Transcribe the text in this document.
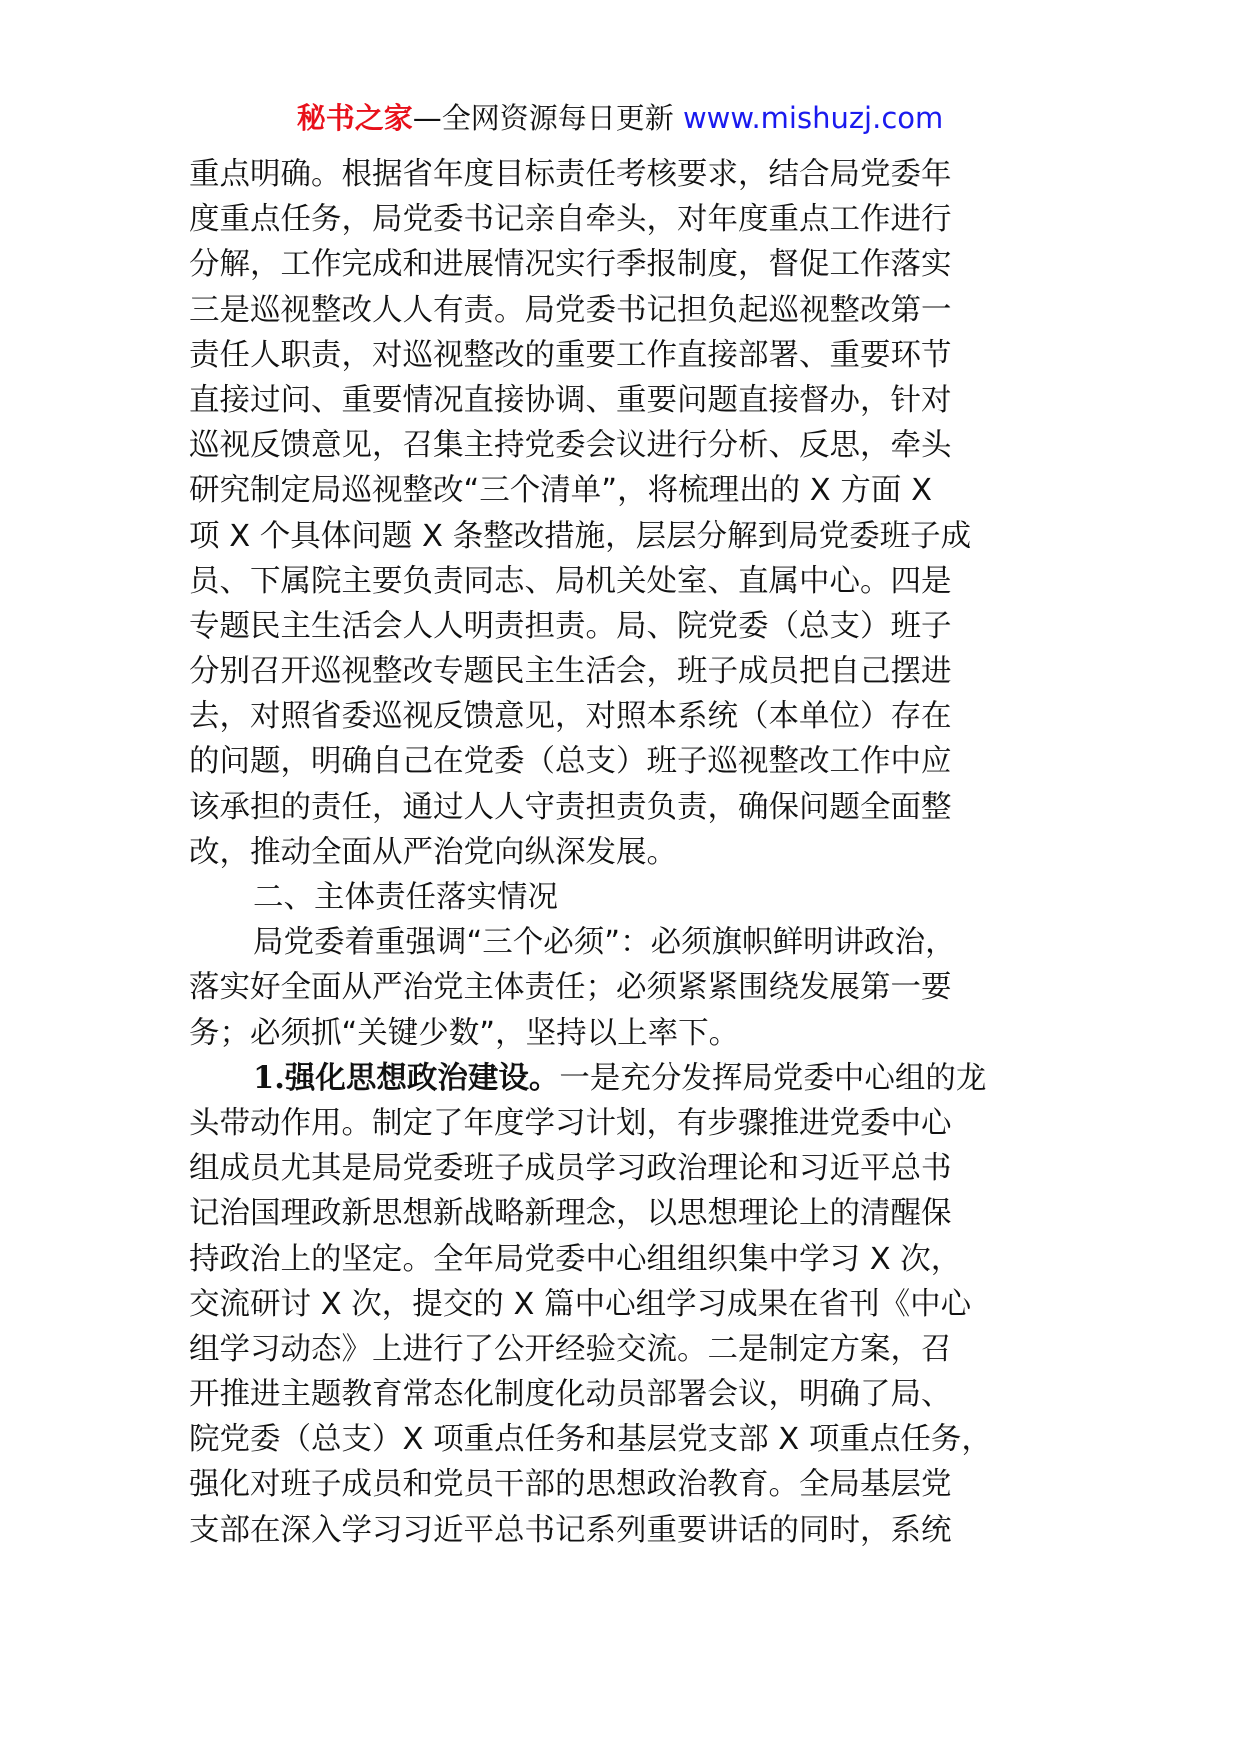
秘书之家—全网资源每日更新 www.mishuzj.com
重点明确。根据省年度目标责任考核要求，结合局党委年
度重点任务，局党委书记亲自牵头，对年度重点工作进行
分解，工作完成和进展情况实行季报制度，督促工作落实
三是巡视整改人人有责。局党委书记担负起巡视整改第一
责任人职责，对巡视整改的重要工作直接部署、重要环节
直接过问、重要情况直接协调、重要问题直接督办，针对
巡视反馈意见，召集主持党委会议进行分析、反思，牵头
研究制定局巡视整改“三个清单”，将梳理出的 X 方面 X
项 X 个具体问题 X 条整改措施，层层分解到局党委班子成
员、下属院主要负责同志、局机关处室、直属中心。四是
专题民主生活会人人明责担责。局、院党委（总支）班子
分别召开巡视整改专题民主生活会，班子成员把自己摆进
去，对照省委巡视反馈意见，对照本系统（本单位）存在
的问题，明确自己在党委（总支）班子巡视整改工作中应
该承担的责任，通过人人守责担责负责，确保问题全面整
改，推动全面从严治党向纵深发展。
二、主体责任落实情况
局党委着重强调“三个必须”：必须旗帜鲜明讲政治，
落实好全面从严治党主体责任；必须紧紧围绕发展第一要
务；必须抓“关键少数”，坚持以上率下。
1.强化思想政治建设。一是充分发挥局党委中心组的龙
头带动作用。制定了年度学习计划，有步骤推进党委中心
组成员尤其是局党委班子成员学习政治理论和习近平总书
记治国理政新思想新战略新理念，以思想理论上的清醒保
持政治上的坚定。全年局党委中心组组织集中学习 X 次，
交流研讨 X 次，提交的 X 篇中心组学习成果在省刊《中心
组学习动态》上进行了公开经验交流。二是制定方案，召
开推进主题教育常态化制度化动员部署会议，明确了局、
院党委（总支）X 项重点任务和基层党支部 X 项重点任务，
强化对班子成员和党员干部的思想政治教育。全局基层党
支部在深入学习习近平总书记系列重要讲话的同时，系统
